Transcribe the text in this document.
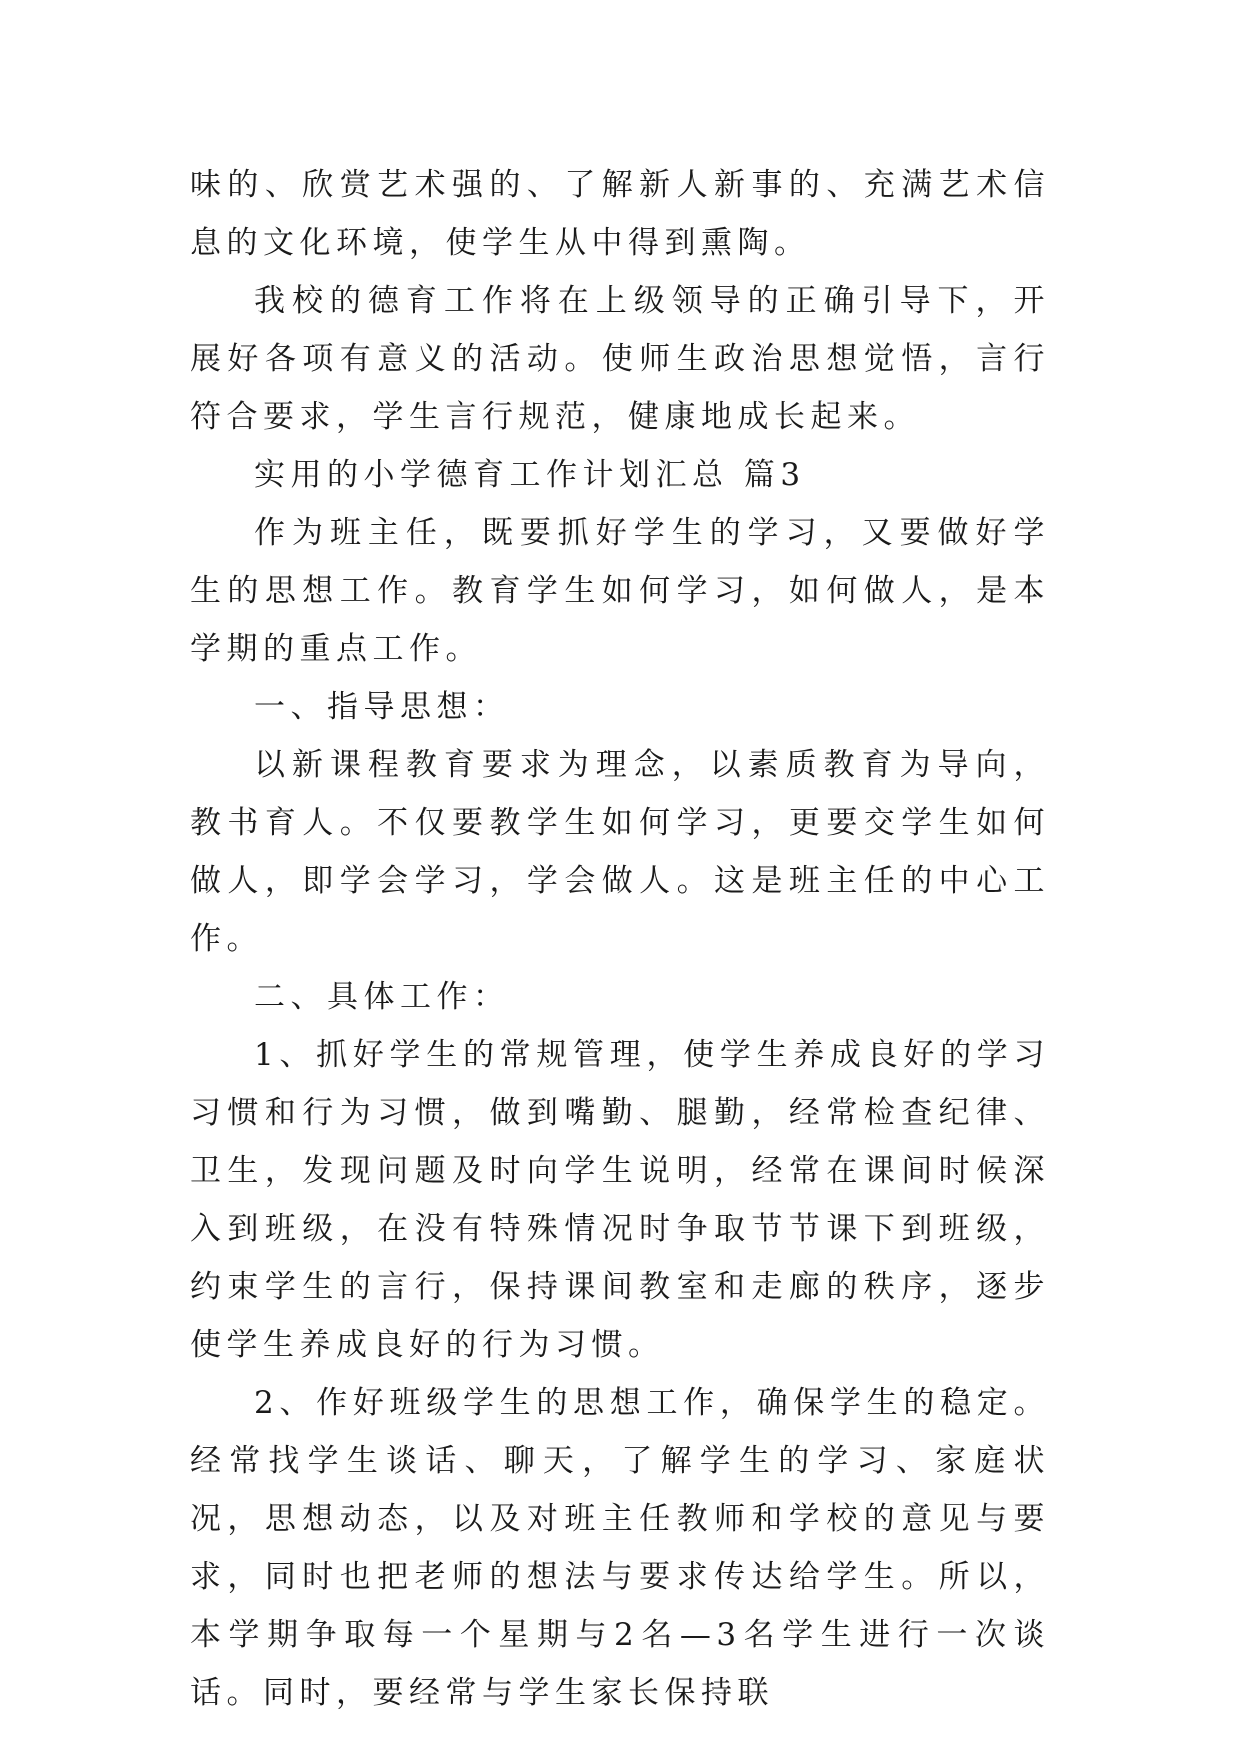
味的、欣赏艺术强的、了解新人新事的、充满艺术信息的文化环境，使学生从中得到熏陶。

我校的德育工作将在上级领导的正确引导下，开展好各项有意义的活动。使师生政治思想觉悟，言行符合要求，学生言行规范，健康地成长起来。

实用的小学德育工作计划汇总 篇3

作为班主任，既要抓好学生的学习，又要做好学生的思想工作。教育学生如何学习，如何做人，是本学期的重点工作。

一、指导思想：

以新课程教育要求为理念，以素质教育为导向，教书育人。不仅要教学生如何学习，更要交学生如何做人，即学会学习，学会做人。这是班主任的中心工作。

二、具体工作：

1、抓好学生的常规管理，使学生养成良好的学习习惯和行为习惯，做到嘴勤、腿勤，经常检查纪律、卫生，发现问题及时向学生说明，经常在课间时候深入到班级，在没有特殊情况时争取节节课下到班级，约束学生的言行，保持课间教室和走廊的秩序，逐步使学生养成良好的行为习惯。

2、作好班级学生的思想工作，确保学生的稳定。经常找学生谈话、聊天，了解学生的学习、家庭状况，思想动态，以及对班主任教师和学校的意见与要求，同时也把老师的想法与要求传达给学生。所以，本学期争取每一个星期与2名—3名学生进行一次谈话。同时，要经常与学生家长保持联
